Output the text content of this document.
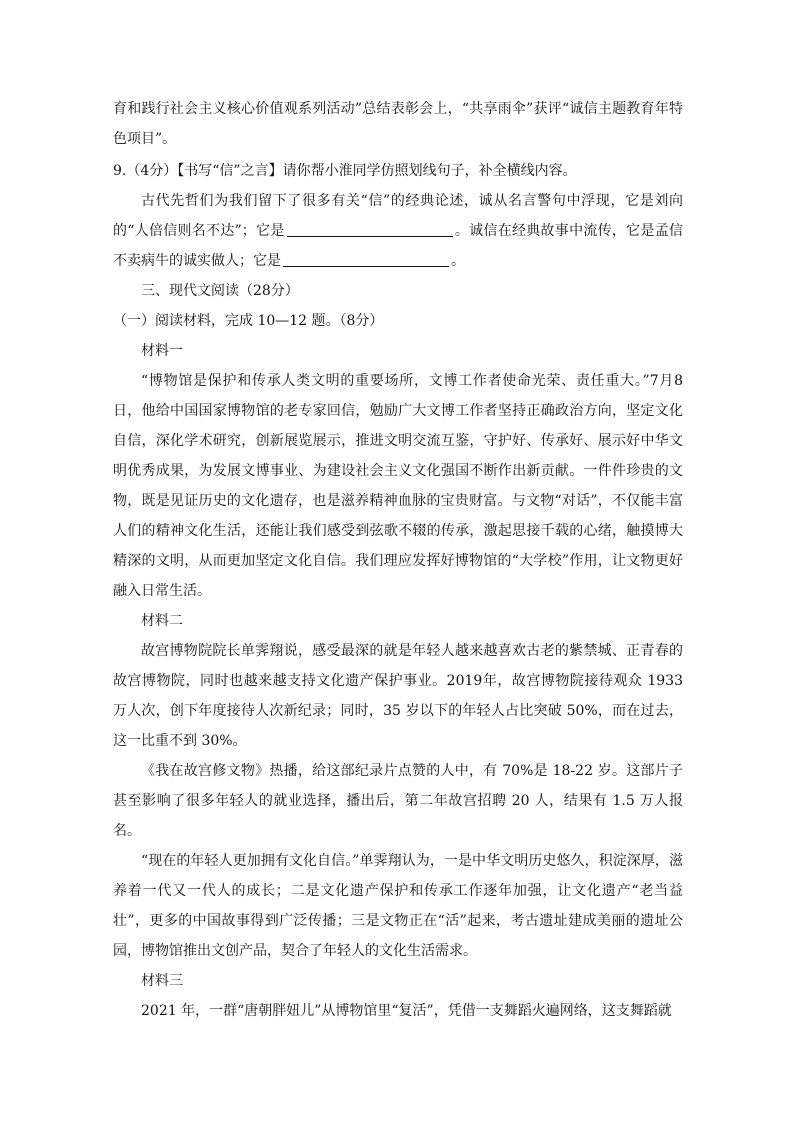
育和践行社会主义核心价值观系列活动”总结表彰会上，“共享雨伞”获评“诚信主题教育年特色项目”。

9.（4分）【书写“信”之言】请你帮小淮同学仿照划线句子，补全横线内容。

古代先哲们为我们留下了很多有关“信”的经典论述，诚从名言警句中浮现，它是刘向的“人倍信则名不达”；它是	。诚信在经典故事中流传，它是孟信不卖病牛的诚实做人；它是	。

三、现代文阅读（28分）

（一）阅读材料，完成 10—12 题。（8分）

材料一

“博物馆是保护和传承人类文明的重要场所，文博工作者使命光荣、责任重大。”7月8日，他给中国国家博物馆的老专家回信，勉励广大文博工作者坚持正确政治方向，坚定文化自信，深化学术研究，创新展览展示，推进文明交流互鉴，守护好、传承好、展示好中华文明优秀成果，为发展文博事业、为建设社会主义文化强国不断作出新贡献。一件件珍贵的文物，既是见证历史的文化遗存，也是滋养精神血脉的宝贵财富。与文物“对话”，不仅能丰富人们的精神文化生活，还能让我们感受到弦歌不辍的传承，激起思接千载的心绪，触摸博大精深的文明，从而更加坚定文化自信。我们理应发挥好博物馆的“大学校”作用，让文物更好融入日常生活。

材料二

故宫博物院院长单霁翔说，感受最深的就是年轻人越来越喜欢古老的紫禁城、正青春的故宫博物院，同时也越来越支持文化遗产保护事业。2019年，故宫博物院接待观众 1933 万人次，创下年度接待人次新纪录；同时，35 岁以下的年轻人占比突破 50%，而在过去，这一比重不到 30%。

《我在故宫修文物》热播，给这部纪录片点赞的人中，有 70%是 18-22 岁。这部片子甚至影响了很多年轻人的就业选择，播出后，第二年故宫招聘 20 人，结果有 1.5 万人报名。

“现在的年轻人更加拥有文化自信。”单霁翔认为，一是中华文明历史悠久，积淀深厚，滋养着一代又一代人的成长；二是文化遗产保护和传承工作逐年加强，让文化遗产“老当益壮”，更多的中国故事得到广泛传播；三是文物正在“活”起来，考古遗址建成美丽的遗址公园，博物馆推出文创产品，契合了年轻人的文化生活需求。

材料三

2021 年，一群“唐朝胖妞儿”从博物馆里“复活”，凭借一支舞蹈火遍网络，这支舞蹈就
